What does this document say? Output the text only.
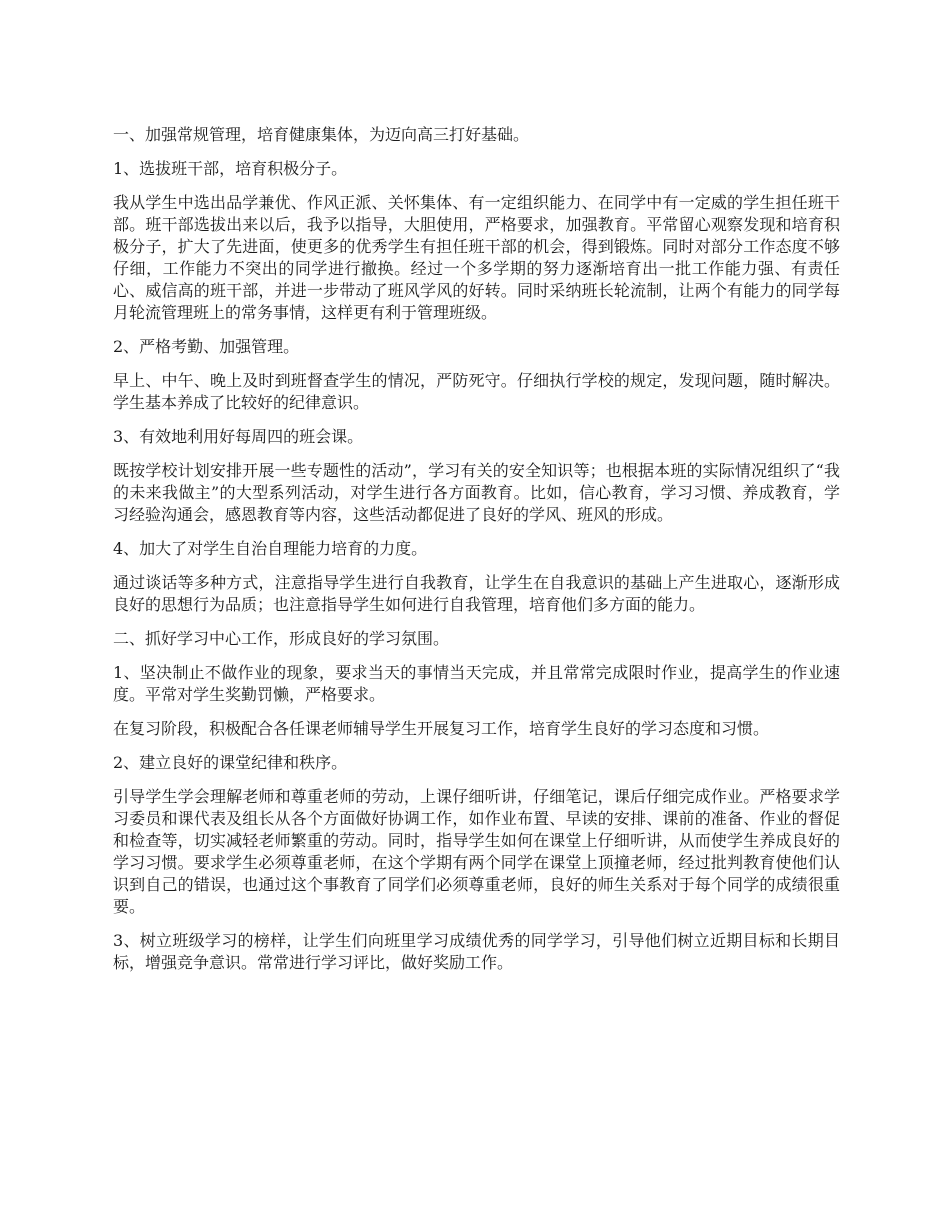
一、加强常规管理，培育健康集体，为迈向高三打好基础。

1、选拔班干部，培育积极分子。

我从学生中选出品学兼优、作风正派、关怀集体、有一定组织能力、在同学中有一定威的学生担任班干部。班干部选拔出来以后，我予以指导，大胆使用，严格要求，加强教育。平常留心观察发现和培育积极分子，扩大了先进面，使更多的优秀学生有担任班干部的机会，得到锻炼。同时对部分工作态度不够仔细，工作能力不突出的同学进行撤换。经过一个多学期的努力逐渐培育出一批工作能力强、有责任心、威信高的班干部，并进一步带动了班风学风的好转。同时采纳班长轮流制，让两个有能力的同学每月轮流管理班上的常务事情，这样更有利于管理班级。

2、严格考勤、加强管理。

早上、中午、晚上及时到班督查学生的情况，严防死守。仔细执行学校的规定，发现问题，随时解决。学生基本养成了比较好的纪律意识。

3、有效地利用好每周四的班会课。

既按学校计划安排开展一些专题性的活动”，学习有关的安全知识等；也根据本班的实际情况组织了“我的未来我做主”的大型系列活动，对学生进行各方面教育。比如，信心教育，学习习惯、养成教育，学习经验沟通会，感恩教育等内容，这些活动都促进了良好的学风、班风的形成。

4、加大了对学生自治自理能力培育的力度。

通过谈话等多种方式，注意指导学生进行自我教育，让学生在自我意识的基础上产生进取心，逐渐形成良好的思想行为品质；也注意指导学生如何进行自我管理，培育他们多方面的能力。

二、抓好学习中心工作，形成良好的学习氛围。

1、坚决制止不做作业的现象，要求当天的事情当天完成，并且常常完成限时作业，提高学生的作业速度。平常对学生奖勤罚懒，严格要求。

在复习阶段，积极配合各任课老师辅导学生开展复习工作，培育学生良好的学习态度和习惯。

2、建立良好的课堂纪律和秩序。

引导学生学会理解老师和尊重老师的劳动，上课仔细听讲，仔细笔记，课后仔细完成作业。严格要求学习委员和课代表及组长从各个方面做好协调工作，如作业布置、早读的安排、课前的准备、作业的督促和检查等，切实减轻老师繁重的劳动。同时，指导学生如何在课堂上仔细听讲，从而使学生养成良好的学习习惯。要求学生必须尊重老师，在这个学期有两个同学在课堂上顶撞老师，经过批判教育使他们认识到自己的错误，也通过这个事教育了同学们必须尊重老师，良好的师生关系对于每个同学的成绩很重要。

3、树立班级学习的榜样，让学生们向班里学习成绩优秀的同学学习，引导他们树立近期目标和长期目标，增强竞争意识。常常进行学习评比，做好奖励工作。
